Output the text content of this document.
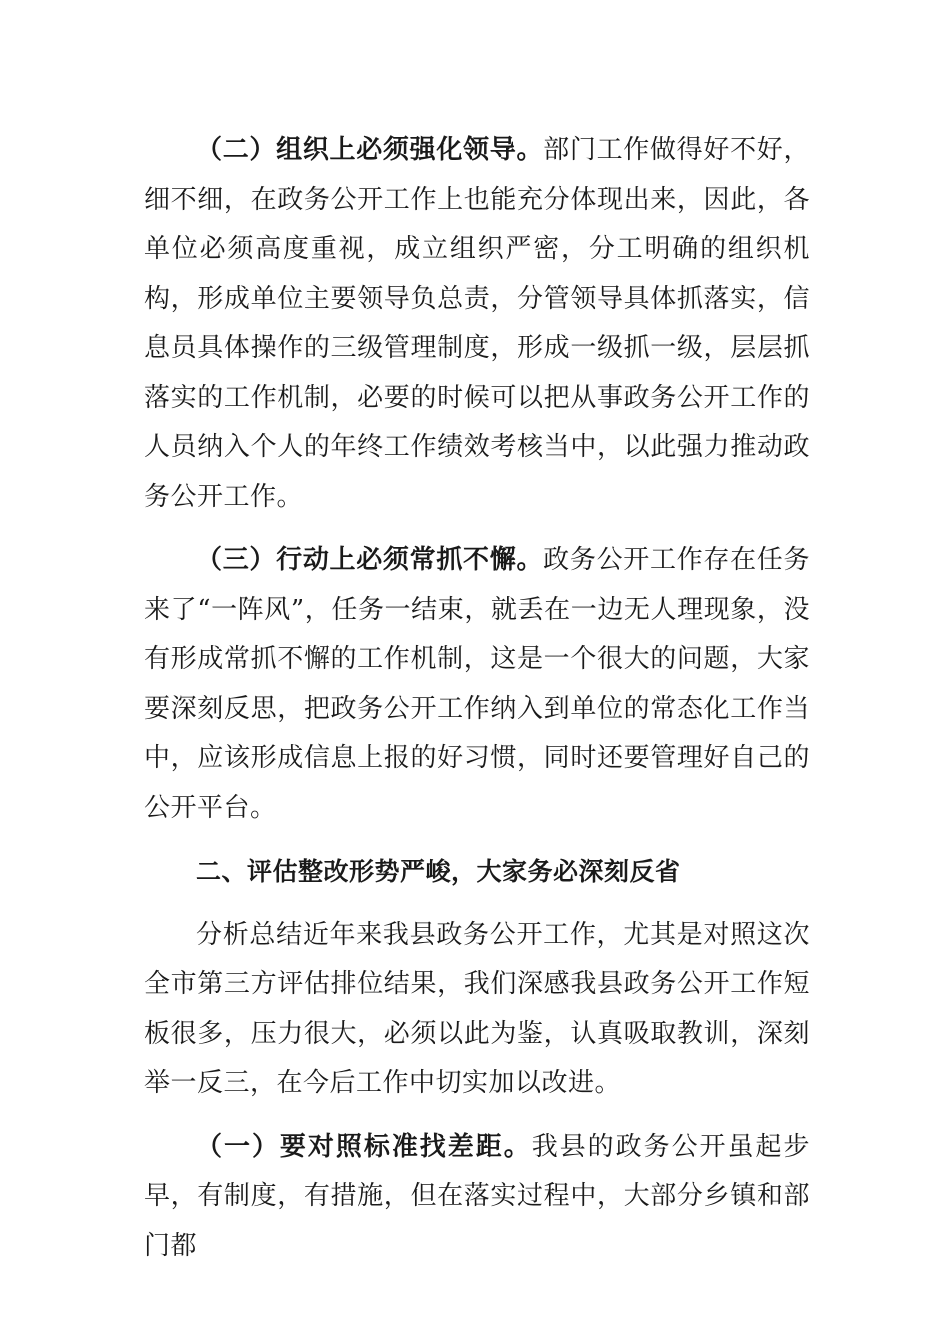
（二）组织上必须强化领导。部门工作做得好不好，细不细，在政务公开工作上也能充分体现出来，因此，各单位必须高度重视，成立组织严密，分工明确的组织机构，形成单位主要领导负总责，分管领导具体抓落实，信息员具体操作的三级管理制度，形成一级抓一级，层层抓落实的工作机制，必要的时候可以把从事政务公开工作的人员纳入个人的年终工作绩效考核当中，以此强力推动政务公开工作。

（三）行动上必须常抓不懈。政务公开工作存在任务来了“一阵风”，任务一结束，就丢在一边无人理现象，没有形成常抓不懈的工作机制，这是一个很大的问题，大家要深刻反思，把政务公开工作纳入到单位的常态化工作当中，应该形成信息上报的好习惯，同时还要管理好自己的公开平台。

二、评估整改形势严峻，大家务必深刻反省

分析总结近年来我县政务公开工作，尤其是对照这次全市第三方评估排位结果，我们深感我县政务公开工作短板很多，压力很大，必须以此为鉴，认真吸取教训，深刻举一反三，在今后工作中切实加以改进。

（一）要对照标准找差距。我县的政务公开虽起步早，有制度，有措施，但在落实过程中，大部分乡镇和部门都
